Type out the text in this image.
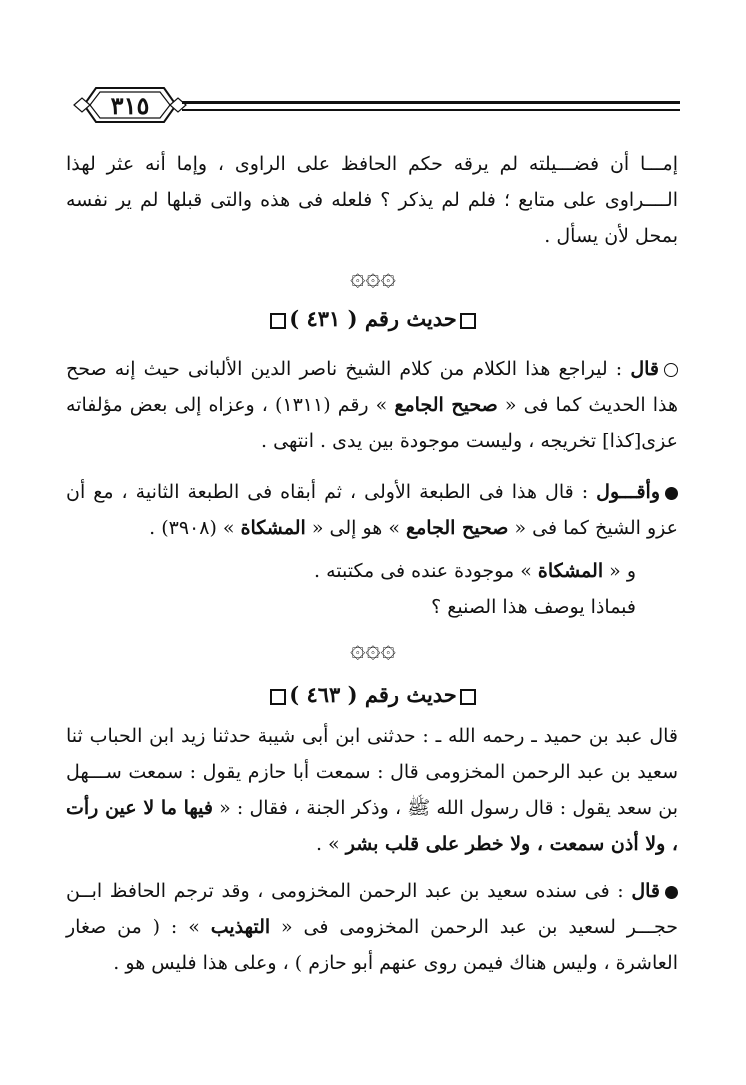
٣١٥
إمـــا أن فضـــيلته لم يرقه حكم الحافظ على الراوى ، وإما أنه عثر لهذا الــــراوى على متابع ؛ فلم لم يذكر ؟ فلعله فى هذه والتى قبلها لم ير نفسه بمحل لأن يسأل .
۞۞۞
حديث رقم ( ٤٣١ )
قال : ليراجع هذا الكلام من كلام الشيخ ناصر الدين الألبانى حيث إنه صحح هذا الحديث كما فى « صحيح الجامع » رقم (١٣١١) ، وعزاه إلى بعض مؤلفاته عزى[كذا] تخريجه ، وليست موجودة بين يدى . انتهى .
وأقـــول : قال هذا فى الطبعة الأولى ، ثم أبقاه فى الطبعة الثانية ، مع أن عزو الشيخ كما فى « صحيح الجامع » هو إلى « المشكاة » (٣٩٠٨) .
و « المشكاة » موجودة عنده فى مكتبته .
فبماذا يوصف هذا الصنيع ؟
۞۞۞
حديث رقم ( ٤٦٣ )
قال عبد بن حميد ـ رحمه الله ـ : حدثنى ابن أبى شيبة حدثنا زيد ابن الحباب ثنا سعيد بن عبد الرحمن المخزومى قال : سمعت أبا حازم يقول : سمعت ســـهل بن سعد يقول : قال رسول الله ﷺ ، وذكر الجنة ، فقال : « فيها ما لا عين رأت ، ولا أذن سمعت ، ولا خطر على قلب بشر » .
قال : فى سنده سعيد بن عبد الرحمن المخزومى ، وقد ترجم الحافظ ابــن حجـــر لسعيد بن عبد الرحمن المخزومى فى « التهذيب » : ( من صغار العاشرة ، وليس هناك فيمن روى عنهم أبو حازم ) ، وعلى هذا فليس هو .
